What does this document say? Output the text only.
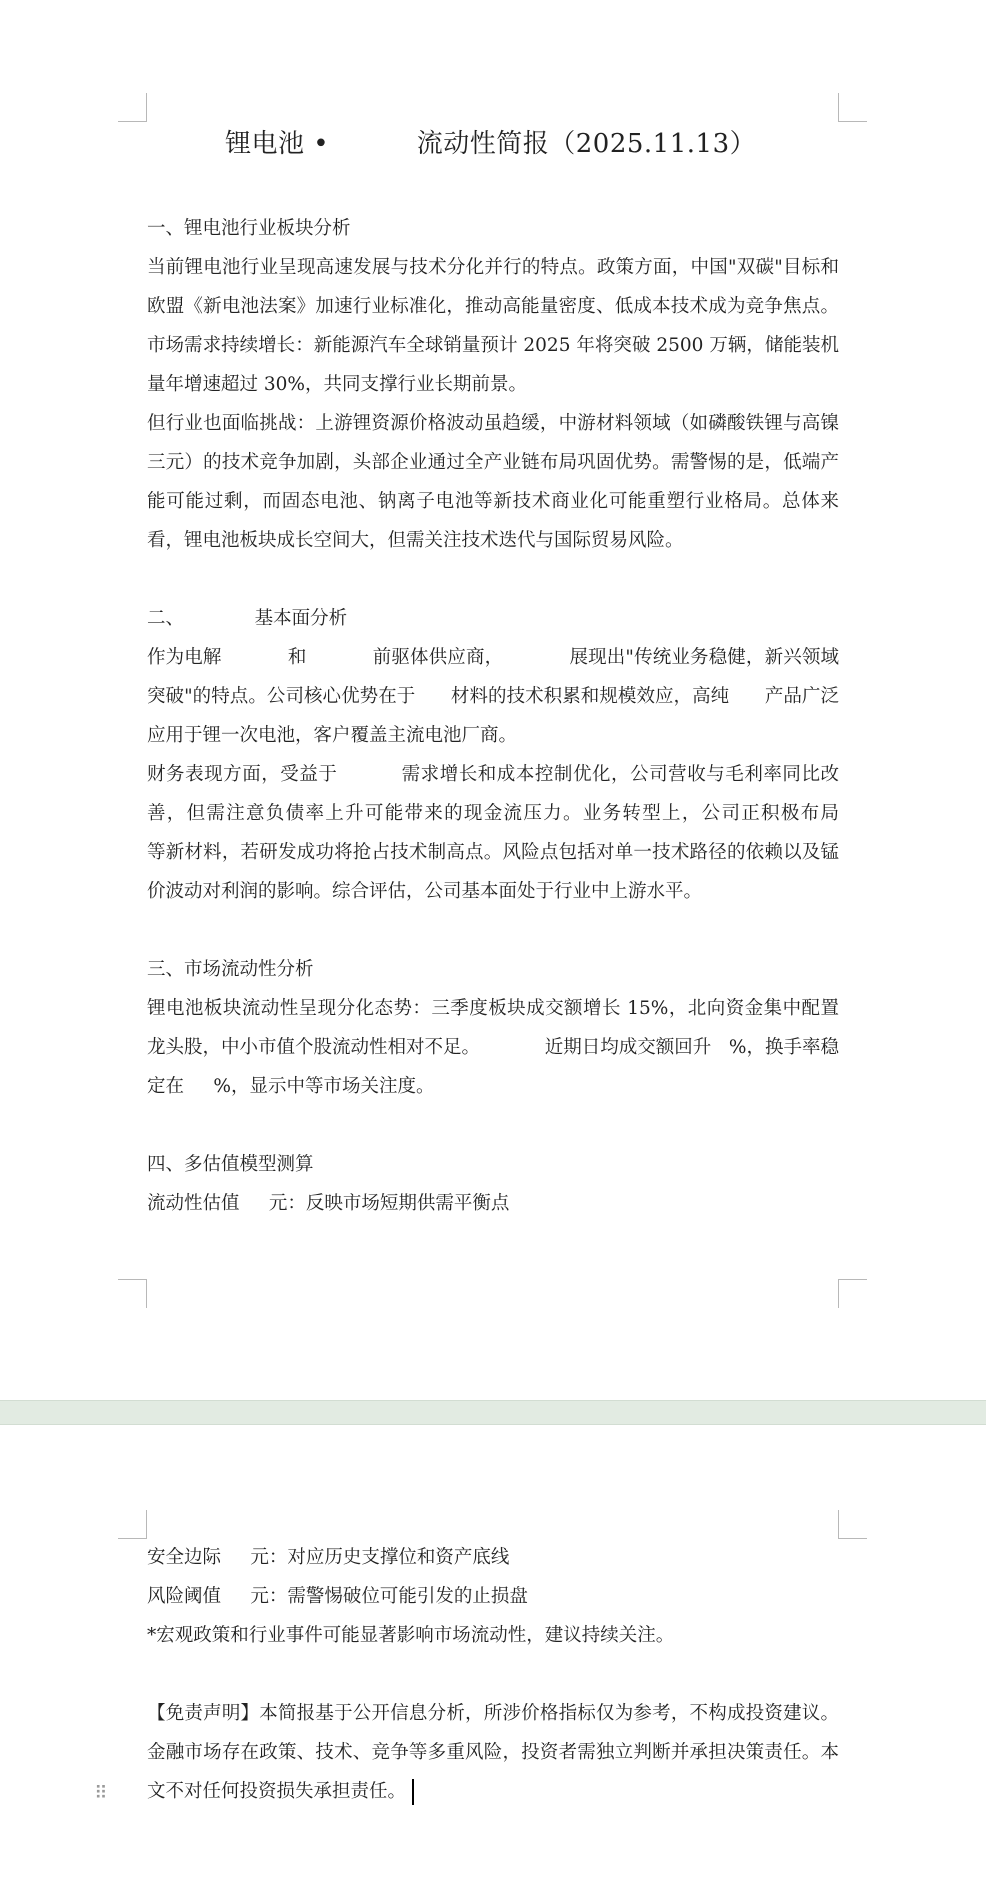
锂电池 •          流动性简报（2025.11.13）

一、锂电池行业板块分析

当前锂电池行业呈现高速发展与技术分化并行的特点。政策方面，中国"双碳"目标和欧盟《新电池法案》加速行业标准化，推动高能量密度、低成本技术成为竞争焦点。市场需求持续增长：新能源汽车全球销量预计 2025 年将突破 2500 万辆，储能装机量年增速超过 30%，共同支撑行业长期前景。

但行业也面临挑战：上游锂资源价格波动虽趋缓，中游材料领域（如磷酸铁锂与高镍三元）的技术竞争加剧，头部企业通过全产业链布局巩固优势。需警惕的是，低端产能可能过剩，而固态电池、钠离子电池等新技术商业化可能重塑行业格局。总体来看，锂电池板块成长空间大，但需关注技术迭代与国际贸易风险。

二、            基本面分析

作为电解           和           前驱体供应商，           展现出"传统业务稳健，新兴领域突破"的特点。公司核心优势在于      材料的技术积累和规模效应，高纯      产品广泛应用于锂一次电池，客户覆盖主流电池厂商。

财务表现方面，受益于          需求增长和成本控制优化，公司营收与毛利率同比改善，但需注意负债率上升可能带来的现金流压力。业务转型上，公司正积极布局          等新材料，若研发成功将抢占技术制高点。风险点包括对单一技术路径的依赖以及锰价波动对利润的影响。综合评估，公司基本面处于行业中上游水平。

三、市场流动性分析

锂电池板块流动性呈现分化态势：三季度板块成交额增长 15%，北向资金集中配置龙头股，中小市值个股流动性相对不足。           近期日均成交额回升   %，换手率稳定在     %，显示中等市场关注度。

四、多估值模型测算

流动性估值     元：反映市场短期供需平衡点

安全边际     元：对应历史支撑位和资产底线

风险阈值     元：需警惕破位可能引发的止损盘

*宏观政策和行业事件可能显著影响市场流动性，建议持续关注。

【免责声明】本简报基于公开信息分析，所涉价格指标仅为参考，不构成投资建议。金融市场存在政策、技术、竞争等多重风险，投资者需独立判断并承担决策责任。本文不对任何投资损失承担责任。

⠿
